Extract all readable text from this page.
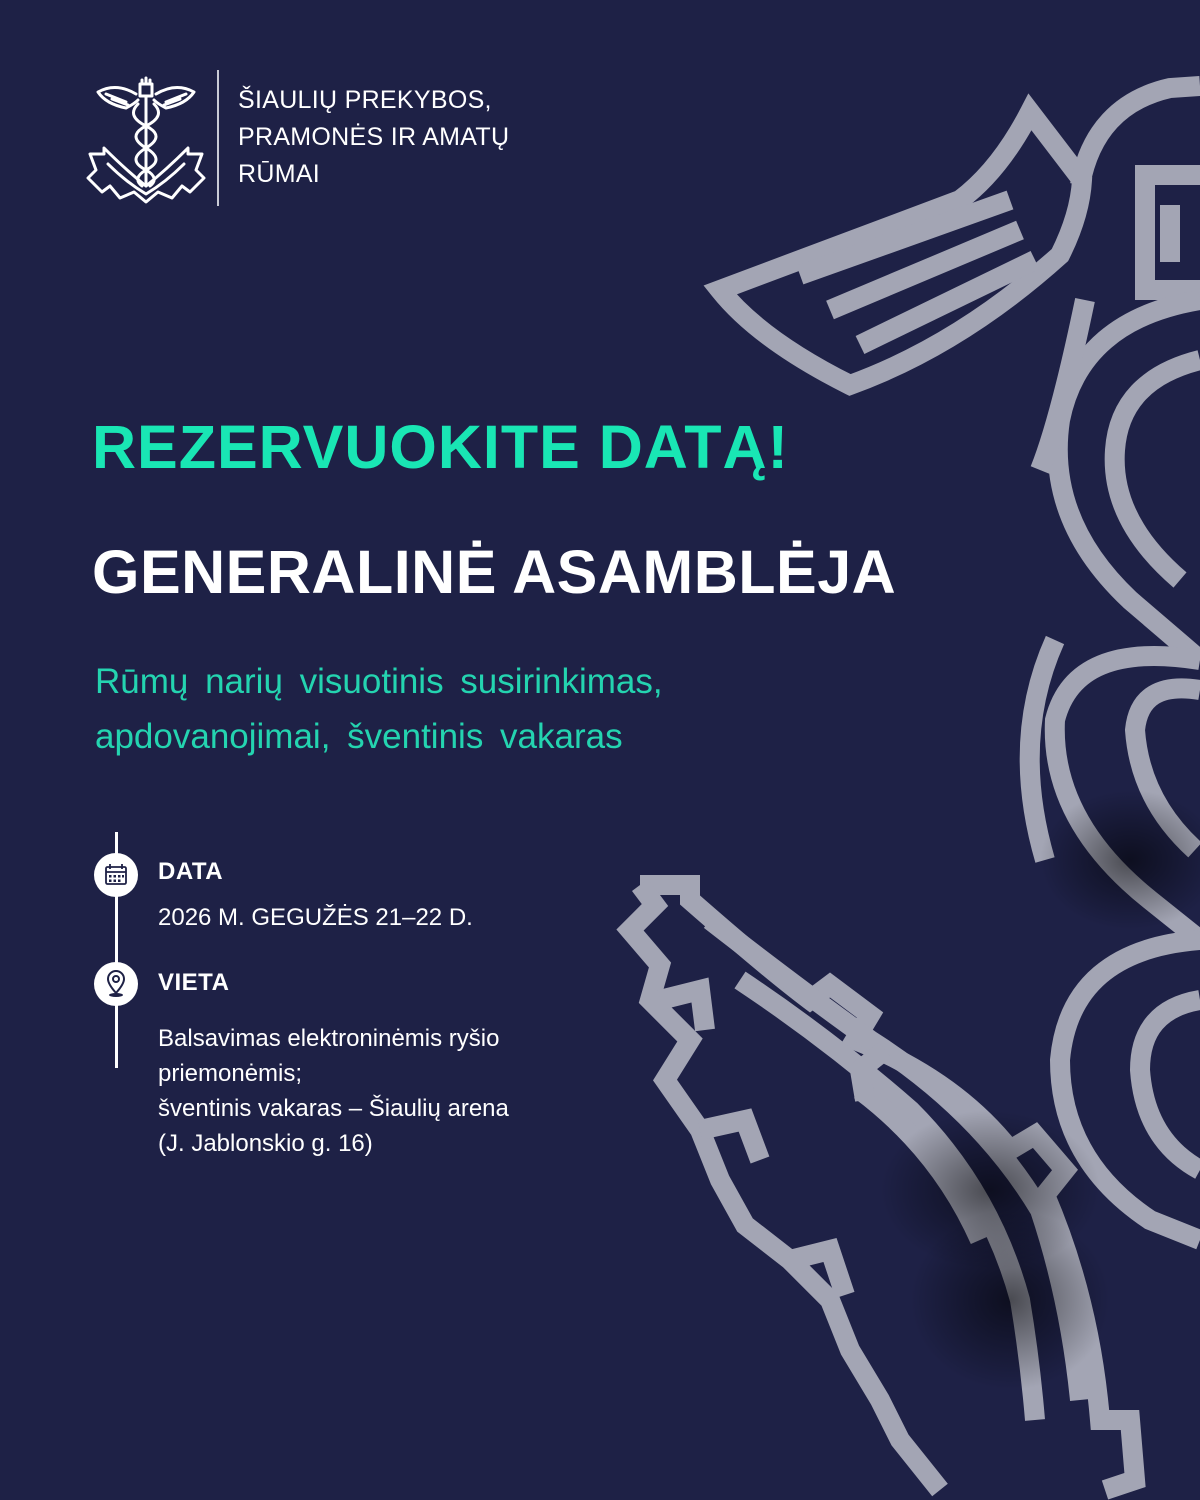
ŠIAULIŲ PREKYBOS,
PRAMONĖS IR AMATŲ
RŪMAI
REZERVUOKITE DATĄ!
GENERALINĖ ASAMBLĖJA
Rūmų narių visuotinis susirinkimas,
apdovanojimai, šventinis vakaras
DATA
2026 M. GEGUŽĖS 21–22 D.
VIETA
Balsavimas elektroninėmis ryšio
priemonėmis;
šventinis vakaras – Šiaulių arena
(J. Jablonskio g. 16)
